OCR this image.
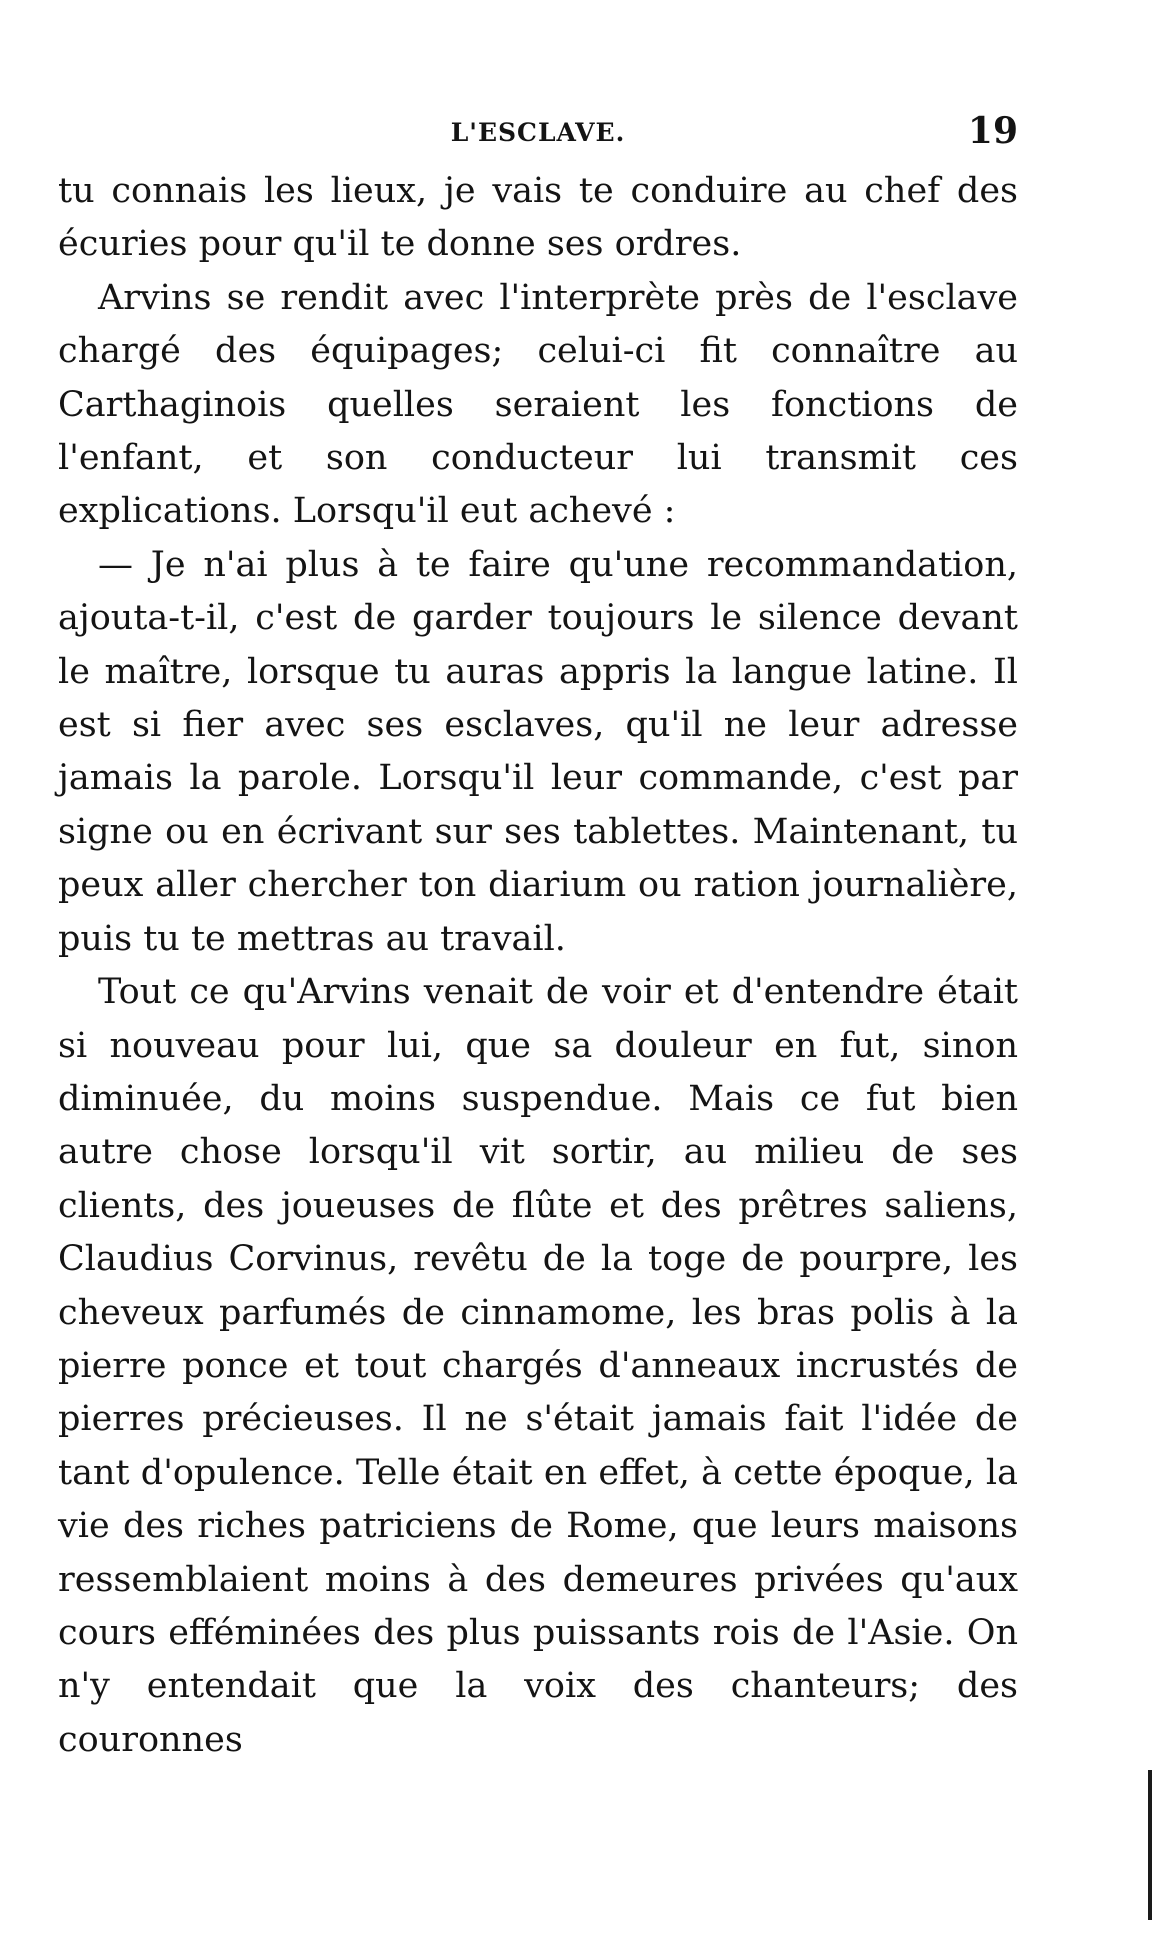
L'ESCLAVE.	19

tu connais les lieux, je vais te conduire au chef des écuries pour qu'il te donne ses ordres.

Arvins se rendit avec l'interprète près de l'esclave chargé des équipages; celui-ci fit connaître au Carthaginois quelles seraient les fonctions de l'enfant, et son conducteur lui transmit ces explications. Lorsqu'il eut achevé :

— Je n'ai plus à te faire qu'une recommandation, ajouta-t-il, c'est de garder toujours le silence devant le maître, lorsque tu auras appris la langue latine. Il est si fier avec ses esclaves, qu'il ne leur adresse jamais la parole. Lorsqu'il leur commande, c'est par signe ou en écrivant sur ses tablettes. Maintenant, tu peux aller chercher ton diarium ou ration journalière, puis tu te mettras au travail.

Tout ce qu'Arvins venait de voir et d'entendre était si nouveau pour lui, que sa douleur en fut, sinon diminuée, du moins suspendue. Mais ce fut bien autre chose lorsqu'il vit sortir, au milieu de ses clients, des joueuses de flûte et des prêtres saliens, Claudius Corvinus, revêtu de la toge de pourpre, les cheveux parfumés de cinnamome, les bras polis à la pierre ponce et tout chargés d'anneaux incrustés de pierres précieuses. Il ne s'était jamais fait l'idée de tant d'opulence. Telle était en effet, à cette époque, la vie des riches patriciens de Rome, que leurs maisons ressemblaient moins à des demeures privées qu'aux cours efféminées des plus puissants rois de l'Asie. On n'y entendait que la voix des chanteurs; des couronnes
